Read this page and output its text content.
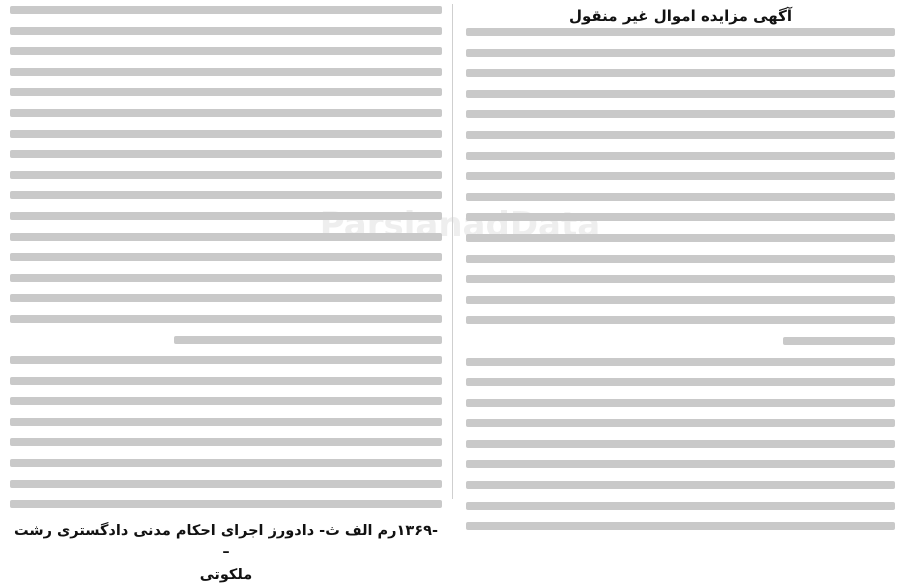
ParsianadData
آگهی مزایده اموال غیر منقول
-۱۳۶۹رم الف ث- دادورز اجرای احکام مدنی دادگستری رشت –
ملکوتی
